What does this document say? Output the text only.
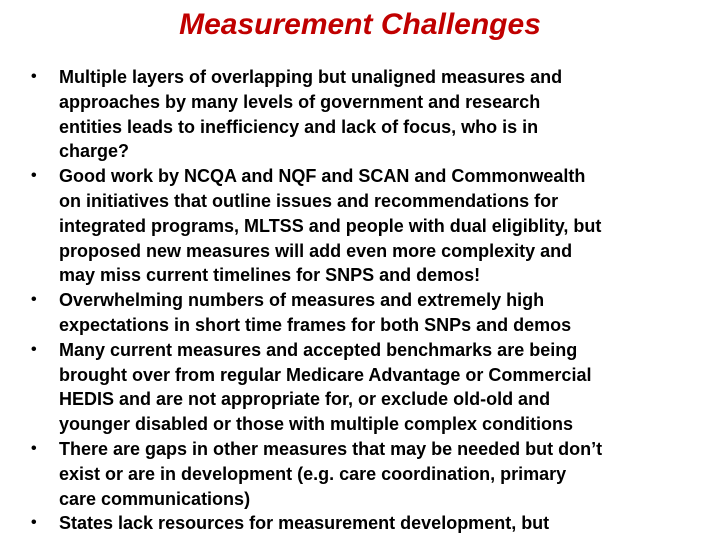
Measurement Challenges
•	Multiple layers of overlapping but unaligned measures and
approaches by many levels of government and research
entities leads to inefficiency and lack of focus, who is in
charge?
•	Good work by NCQA and NQF and SCAN and Commonwealth
on initiatives that outline issues and recommendations for
integrated programs, MLTSS and people with dual eligiblity, but
proposed new measures will add even more complexity and
may miss current timelines for SNPS and demos!
•	Overwhelming numbers of measures and extremely high
expectations in short time frames for both SNPs and demos
•	Many current measures and accepted benchmarks are being
brought over from regular Medicare Advantage or Commercial
HEDIS and are not appropriate for, or exclude old-old and
younger disabled or those with multiple complex conditions
•	There are gaps in other measures that may be needed but don’t
exist or are in development (e.g. care coordination, primary
care communications)
•	States lack resources for measurement development, but
